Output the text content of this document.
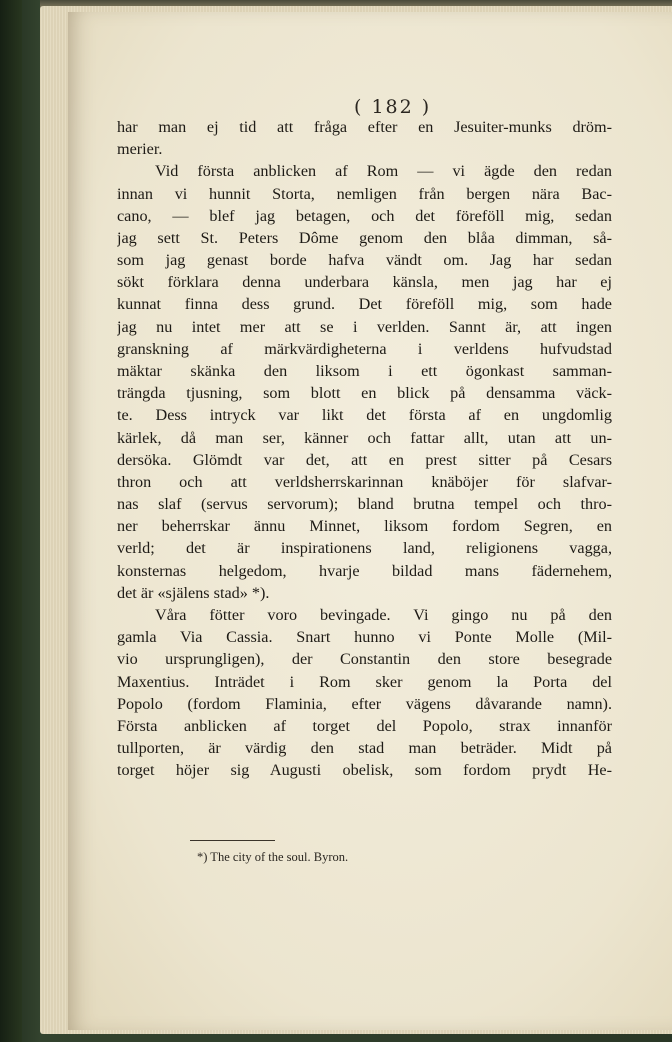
( 182 )
har man ej tid att fråga efter en Jesuiter-munks dröm-
merier.
Vid första anblicken af Rom — vi ägde den redan
innan vi hunnit Storta, nemligen från bergen nära Bac-
cano, — blef jag betagen, och det föreföll mig, sedan
jag sett St. Peters Dôme genom den blåa dimman, så-
som jag genast borde hafva vändt om. Jag har sedan
sökt förklara denna underbara känsla, men jag har ej
kunnat finna dess grund. Det föreföll mig, som hade
jag nu intet mer att se i verlden. Sannt är, att ingen
granskning af märkvärdigheterna i verldens hufvudstad
mäktar skänka den liksom i ett ögonkast samman-
trängda tjusning, som blott en blick på densamma väck-
te. Dess intryck var likt det första af en ungdomlig
kärlek, då man ser, känner och fattar allt, utan att un-
dersöka. Glömdt var det, att en prest sitter på Cesars
thron och att verldsherrskarinnan knäböjer för slafvar-
nas slaf (servus servorum); bland brutna tempel och thro-
ner beherrskar ännu Minnet, liksom fordom Segren, en
verld; det är inspirationens land, religionens vagga,
konsternas helgedom, hvarje bildad mans fädernehem,
det är «själens stad» *).
Våra fötter voro bevingade. Vi gingo nu på den
gamla Via Cassia. Snart hunno vi Ponte Molle (Mil-
vio ursprungligen), der Constantin den store besegrade
Maxentius. Inträdet i Rom sker genom la Porta del
Popolo (fordom Flaminia, efter vägens dåvarande namn).
Första anblicken af torget del Popolo, strax innanför
tullporten, är värdig den stad man beträder. Midt på
torget höjer sig Augusti obelisk, som fordom prydt He-
*) The city of the soul. Byron.
